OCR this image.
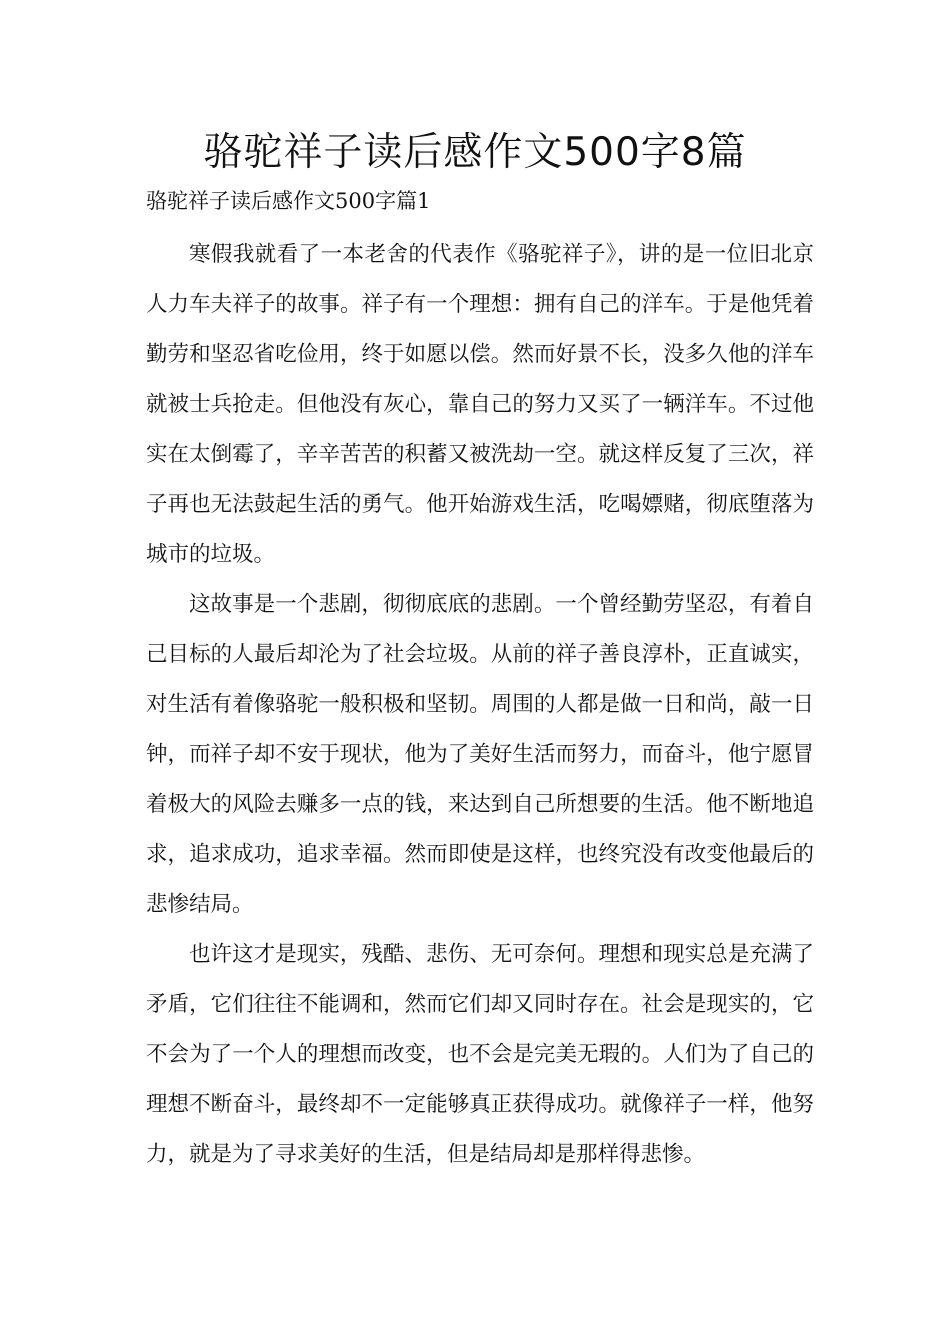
骆驼祥子读后感作文500字8篇
骆驼祥子读后感作文500字篇1

寒假我就看了一本老舍的代表作《骆驼祥子》，讲的是一位旧北京人力车夫祥子的故事。祥子有一个理想：拥有自己的洋车。于是他凭着勤劳和坚忍省吃俭用，终于如愿以偿。然而好景不长，没多久他的洋车就被士兵抢走。但他没有灰心，靠自己的努力又买了一辆洋车。不过他实在太倒霉了，辛辛苦苦的积蓄又被洗劫一空。就这样反复了三次，祥子再也无法鼓起生活的勇气。他开始游戏生活，吃喝嫖赌，彻底堕落为城市的垃圾。

这故事是一个悲剧，彻彻底底的悲剧。一个曾经勤劳坚忍，有着自己目标的人最后却沦为了社会垃圾。从前的祥子善良淳朴，正直诚实，对生活有着像骆驼一般积极和坚韧。周围的人都是做一日和尚，敲一日钟，而祥子却不安于现状，他为了美好生活而努力，而奋斗，他宁愿冒着极大的风险去赚多一点的钱，来达到自己所想要的生活。他不断地追求，追求成功，追求幸福。然而即使是这样，也终究没有改变他最后的悲惨结局。

也许这才是现实，残酷、悲伤、无可奈何。理想和现实总是充满了矛盾，它们往往不能调和，然而它们却又同时存在。社会是现实的，它不会为了一个人的理想而改变，也不会是完美无瑕的。人们为了自己的理想不断奋斗，最终却不一定能够真正获得成功。就像祥子一样，他努力，就是为了寻求美好的生活，但是结局却是那样得悲惨。
